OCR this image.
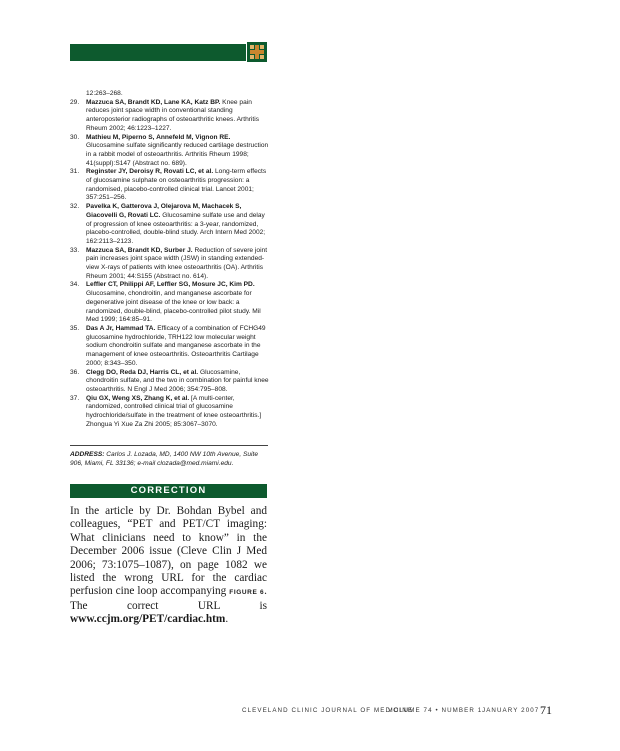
12:263–268.
29. Mazzuca SA, Brandt KD, Lane KA, Katz BP. Knee pain reduces joint space width in conventional standing anteroposterior radiographs of osteoarthritic knees. Arthritis Rheum 2002; 46:1223–1227.
30. Mathieu M, Piperno S, Annefeld M, Vignon RE. Glucosamine sulfate significantly reduced cartilage destruction in a rabbit model of osteoarthritis. Arthritis Rheum 1998; 41(suppl):S147 (Abstract no. 689).
31. Reginster JY, Deroisy R, Rovati LC, et al. Long-term effects of glucosamine sulphate on osteoarthritis progression: a randomised, placebo-controlled clinical trial. Lancet 2001; 357:251–256.
32. Pavelka K, Gatterova J, Olejarova M, Machacek S, Giacovelli G, Rovati LC. Glucosamine sulfate use and delay of progression of knee osteoarthritis: a 3-year, randomized, placebo-controlled, double-blind study. Arch Intern Med 2002; 162:2113–2123.
33. Mazzuca SA, Brandt KD, Surber J. Reduction of severe joint pain increases joint space width (JSW) in standing extended-view X-rays of patients with knee osteoarthritis (OA). Arthritis Rheum 2001; 44:S155 (Abstract no. 614).
34. Leffler CT, Philippi AF, Leffler SG, Mosure JC, Kim PD. Glucosamine, chondroitin, and manganese ascorbate for degenerative joint disease of the knee or low back: a randomized, double-blind, placebo-controlled pilot study. Mil Med 1999; 164:85–91.
35. Das A Jr, Hammad TA. Efficacy of a combination of FCHG49 glucosamine hydrochloride, TRH122 low molecular weight sodium chondroitin sulfate and manganese ascorbate in the management of knee osteoarthritis. Osteoarthritis Cartilage 2000; 8:343–350.
36. Clegg DO, Reda DJ, Harris CL, et al. Glucosamine, chondroitin sulfate, and the two in combination for painful knee osteoarthritis. N Engl J Med 2006; 354:795–808.
37. Qiu GX, Weng XS, Zhang K, et al. [A multi-center, randomized, controlled clinical trial of glucosamine hydrochloride/sulfate in the treatment of knee osteoarthritis.] Zhongua Yi Xue Za Zhi 2005; 85:3067–3070.
ADDRESS: Carlos J. Lozada, MD, 1400 NW 10th Avenue, Suite 906, Miami, FL 33136; e-mail clozada@med.miami.edu.
CORRECTION
In the article by Dr. Bohdan Bybel and colleagues, “PET and PET/CT imaging: What clinicians need to know” in the December 2006 issue (Cleve Clin J Med 2006; 73:1075–1087), on page 1082 we listed the wrong URL for the cardiac perfusion cine loop accompanying FIGURE 6. The correct URL is www.ccjm.org/PET/cardiac.htm.
CLEVELAND CLINIC JOURNAL OF MEDICINE
VOLUME 74 • NUMBER 1 JANUARY 2007 71
